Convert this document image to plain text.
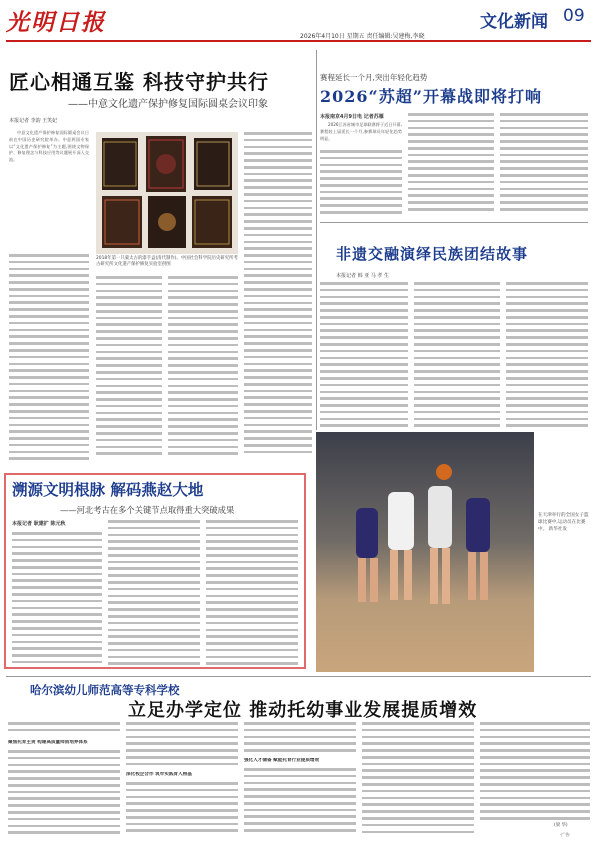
光明日报
2026年4月10日 星期五 责任编辑:吴建梅,李晓
文化新闻 09
匠心相通互鉴 科技守护共行
——中意文化遗产保护修复国际圆桌会议印象
本报记者 李韵 王笑妃

中意文化遗产保护修复国际圆桌会议日前在中国历史研究院举办。中意两国专家以“文化遗产保护修复”为主题,围绕文物保护、修复理念与科技应用等议题展开深入交流。

2018年第一只蒙太古的漆手盒(清代制作)。中国社会科学院历史研究所考古研究所文化遗产保护修复实验室供图
赛程延长一个月,突出年轻化趋势
2026“苏超”开幕战即将打响
本报南京4月9日电 记者苏雁

2026江苏省城市足球联赛将于近日开幕,赛程较上届延长一个月,参赛球员年轻化趋势明显。

非遗交融演绎民族团结故事
本报记者 韩 亚 马 孝 生
溯源文明根脉 解码燕赵大地
——河北考古在多个关键节点取得重大突破成果
本报记者 耿建扩 陈元秋
在天津举行的全国女子篮球比赛中,运动员在比赛中。 新华社发
哈尔滨幼儿师范高等专科学校
立足办学定位 推动托幼事业发展提质增效
聚焦托育主责 构建高质量师资培养体系
深化校企合作 筑牢实践育人根基
强化人才储备 赋能托育行业提质增效
(梁 华)
·广告·
